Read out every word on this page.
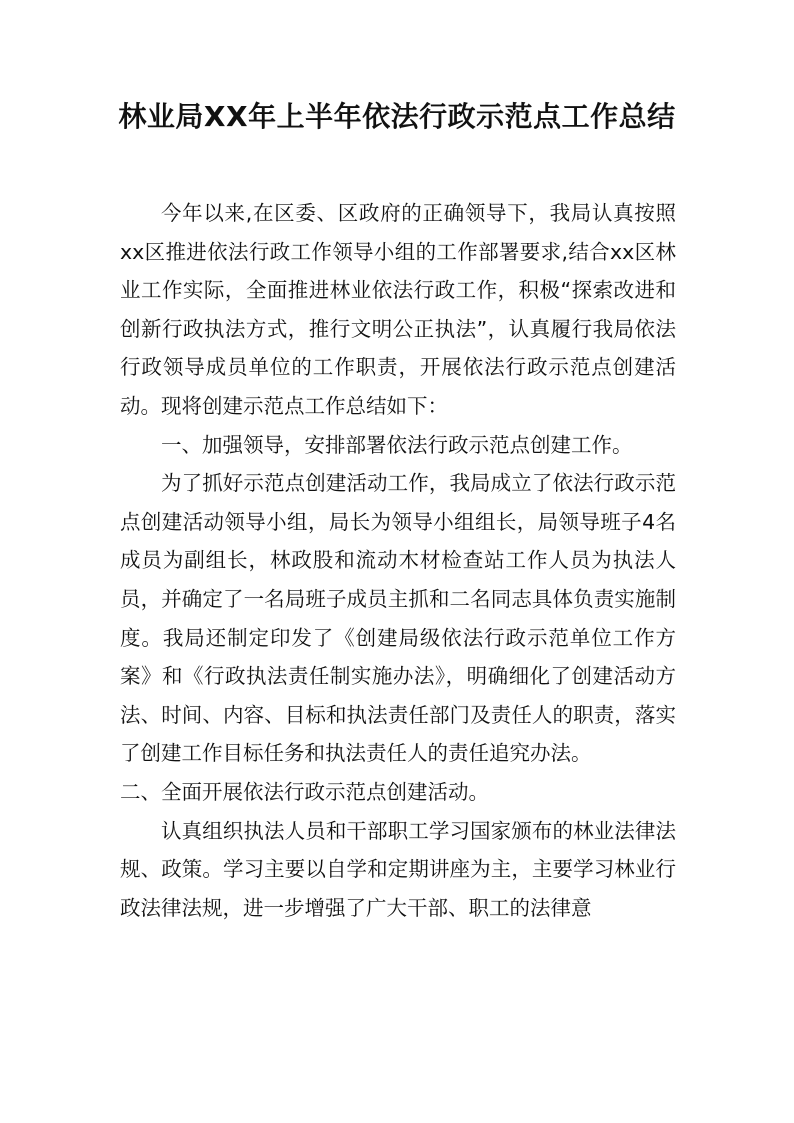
林业局XX年上半年依法行政示范点工作总结

今年以来,在区委、区政府的正确领导下，我局认真按照xx区推进依法行政工作领导小组的工作部署要求,结合xx区林业工作实际，全面推进林业依法行政工作，积极“探索改进和创新行政执法方式，推行文明公正执法”，认真履行我局依法行政领导成员单位的工作职责，开展依法行政示范点创建活动。现将创建示范点工作总结如下：

一、加强领导，安排部署依法行政示范点创建工作。

为了抓好示范点创建活动工作，我局成立了依法行政示范点创建活动领导小组，局长为领导小组组长，局领导班子4名成员为副组长，林政股和流动木材检查站工作人员为执法人员，并确定了一名局班子成员主抓和二名同志具体负责实施制度。我局还制定印发了《创建局级依法行政示范单位工作方案》和《行政执法责任制实施办法》，明确细化了创建活动方法、时间、内容、目标和执法责任部门及责任人的职责，落实了创建工作目标任务和执法责任人的责任追究办法。

二、全面开展依法行政示范点创建活动。

认真组织执法人员和干部职工学习国家颁布的林业法律法规、政策。学习主要以自学和定期讲座为主，主要学习林业行政法律法规，进一步增强了广大干部、职工的法律意
